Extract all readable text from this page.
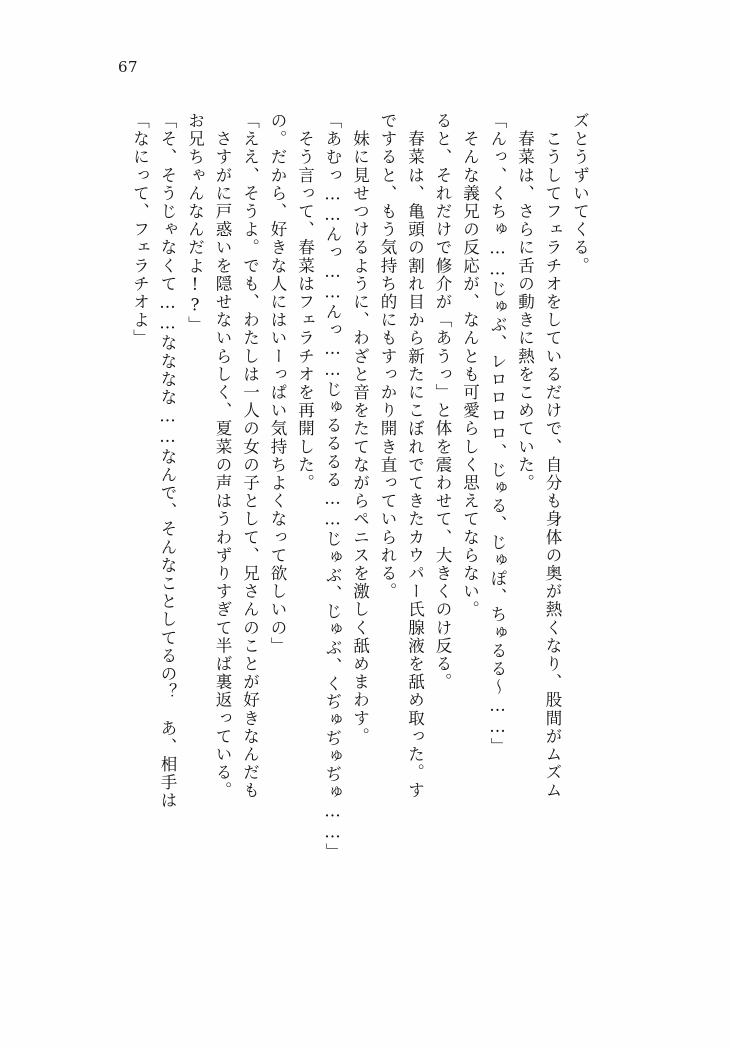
67
「なにって、フェラチオよ」 「そ、そうじゃなくて……なななな……なんで、そんなことしてるの？　あ、相手は お兄ちゃんなんだよ!?」 　さすがに戸惑いを隠せないらしく、夏菜の声はうわずりすぎて半ば裏返っている。 「ええ、そうよ。でも、わたしは一人の女の子として、兄さんのことが好きなんだも の。だから、好きな人にはいーっぱい気持ちよくなって欲しいの」 　そう言って、春菜はフェラチオを再開した。 「あむっ……んっ……んっ……じゅるるるる……じゅぶ、じゅぶ、くぢゅぢゅぢゅ……」 　妹に見せつけるように、わざと音をたてながらペニスを激しく舐めまわす。 ですると、もう気持ち的にもすっかり開き直っていられる。 　春菜は、亀頭の割れ目から新たにこぼれでてきたカウパー氏腺液を舐め取った。す ると、それだけで修介が「あうっ」と体を震わせて、大きくのけ反る。 　そんな義兄の反応が、なんとも可愛らしく思えてならない。 「んっ、くちゅ……じゅぶ、レロロロロ、じゅる、じゅぽ、ちゅるる～……」 　春菜は、さらに舌の動きに熱をこめていた。 　こうしてフェラチオをしているだけで、自分も身体の奥が熱くなり、股間がムズム ズとうずいてくる。
